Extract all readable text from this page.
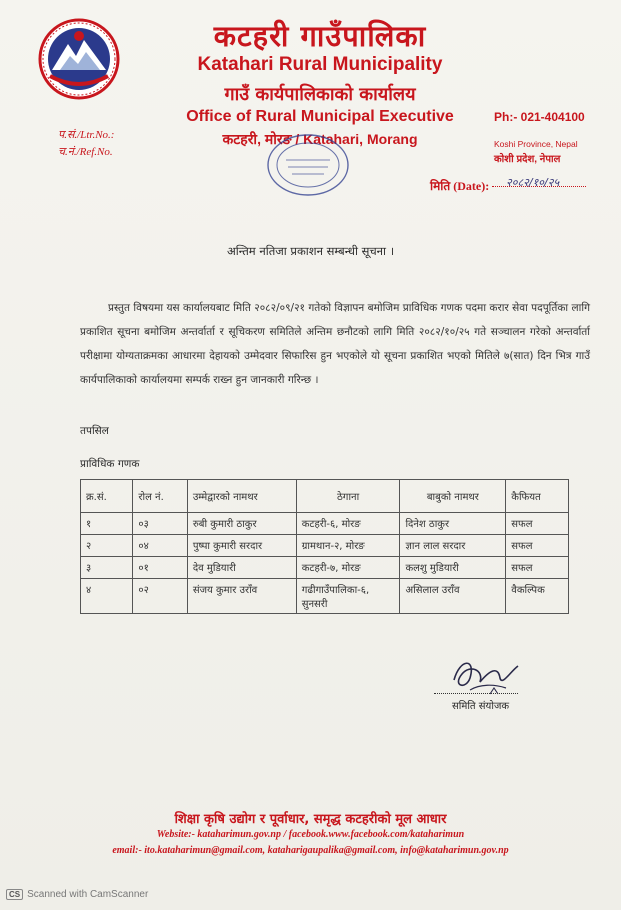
कटहरी गाउँपालिका
Katahari Rural Municipality
गाउँ कार्यपालिकाको कार्यालय
Office of Rural Municipal Executive
कटहरी, मोरङ / Katahari, Morang
Ph:- 021-404100
Koshi Province, Nepal
कोशी प्रदेश, नेपाल
प.सं./Ltr.No.:
च.नं./Ref.No.
मिति (Date): २०८२/१०/२५
अन्तिम नतिजा प्रकाशन सम्बन्धी सूचना ।
प्रस्तुत विषयमा यस कार्यालयबाट मिति २०८२/०९/२१ गतेको विज्ञापन बमोजिम प्राविधिक गणक पदमा करार सेवा पदपूर्तिका लागि प्रकाशित सूचना बमोजिम अन्तर्वार्ता र सूचिकरण समितिले अन्तिम छनौटको लागि मिति २०८२/१०/२५ गते सञ्चालन गरेको अन्तर्वार्ता परीक्षामा योग्यताक्रमका आधारमा देहायको उम्मेदवार सिफारिस हुन भएकोले यो सूचना प्रकाशित भएको मितिले ७(सात) दिन भित्र गाउँ कार्यपालिकाको कार्यालयमा सम्पर्क राख्न हुन जानकारी गरिन्छ ।
तपसिल
प्राविधिक गणक
क्र.सं.	रोल नं.	उम्मेद्वारको नामथर	ठेगाना	बाबुको नामथर	कैफियत
१	०३	रुबी कुमारी ठाकुर	कटहरी-६, मोरङ	दिनेश ठाकुर	सफल
२	०४	पुष्पा कुमारी सरदार	ग्रामथान-२, मोरङ	ज्ञान लाल सरदार	सफल
३	०१	देव मुडियारी	कटहरी-७, मोरङ	कलशु मुडियारी	सफल
४	०२	संजय कुमार उराँव	गढीगाउँपालिका-६, सुनसरी	असिलाल उराँव	वैकल्पिक
समिति संयोजक
शिक्षा कृषि उद्योग र पूर्वाधार, समृद्ध कटहरीको मूल आधार
Website:- kataharimun.gov.np / facebook.www.facebook.com/kataharimun
email:- ito.kataharimun@gmail.com, katahari​gaupalika@gmail.com, info@kataharimun.gov.np
CS Scanned with CamScanner
